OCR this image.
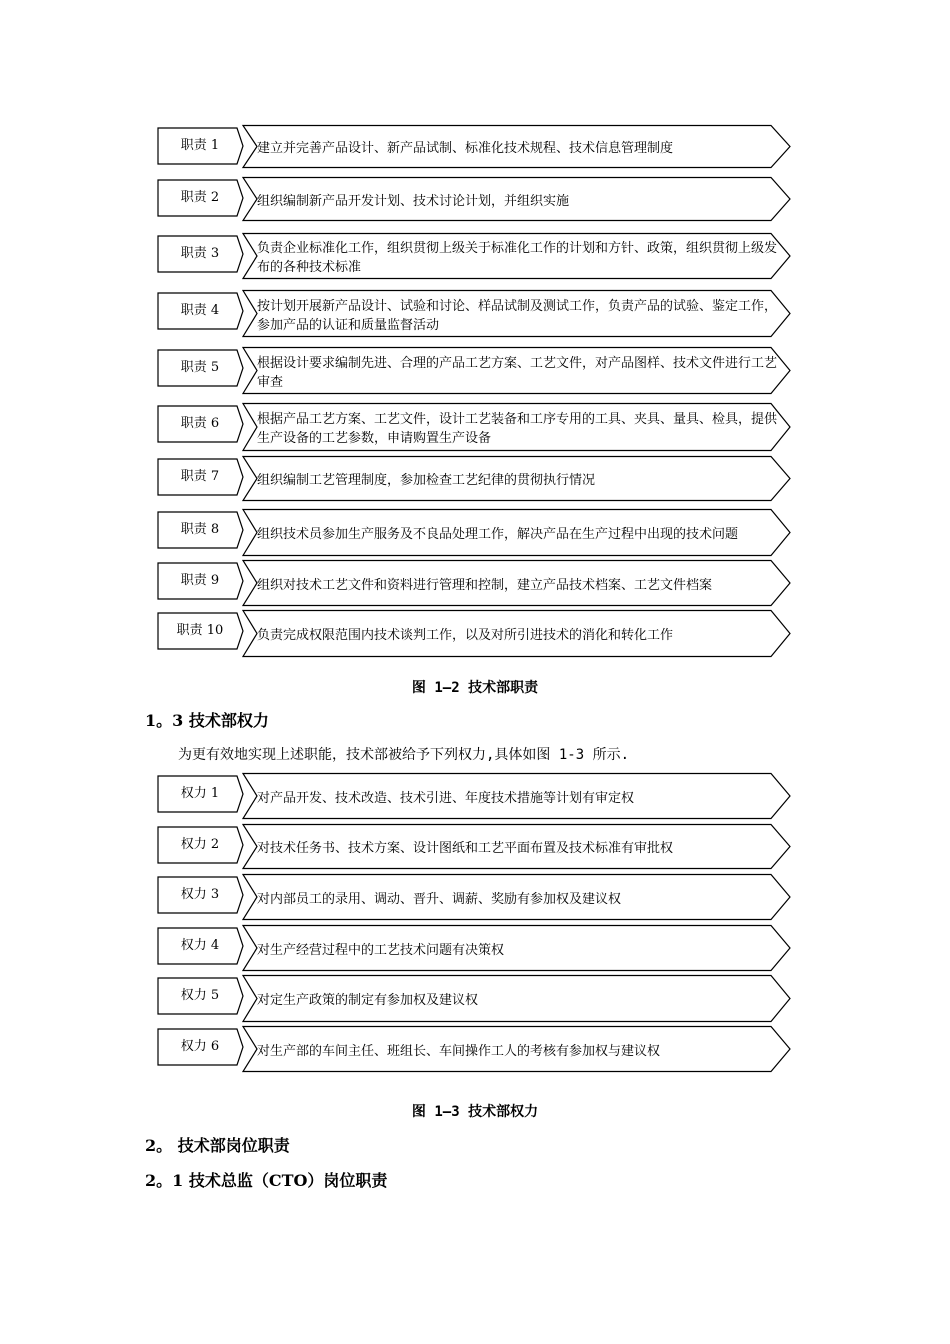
职责 1	建立并完善产品设计、新产品试制、标准化技术规程、技术信息管理制度
职责 2	组织编制新产品开发计划、技术讨论计划，并组织实施
职责 3	负责企业标准化工作，组织贯彻上级关于标准化工作的计划和方针、政策，组织贯彻上级发布的各种技术标准
职责 4	按计划开展新产品设计、试验和讨论、样品试制及测试工作，负责产品的试验、鉴定工作，参加产品的认证和质量监督活动
职责 5	根据设计要求编制先进、合理的产品工艺方案、工艺文件，对产品图样、技术文件进行工艺审查
职责 6	根据产品工艺方案、工艺文件，设计工艺装备和工序专用的工具、夹具、量具、检具，提供生产设备的工艺参数，申请购置生产设备
职责 7	组织编制工艺管理制度，参加检查工艺纪律的贯彻执行情况
职责 8	组织技术员参加生产服务及不良品处理工作，解决产品在生产过程中出现的技术问题
职责 9	组织对技术工艺文件和资料进行管理和控制，建立产品技术档案、工艺文件档案
职责 10	负责完成权限范围内技术谈判工作，以及对所引进技术的消化和转化工作
图 1—2 技术部职责
1。3 技术部权力
为更有效地实现上述职能，技术部被给予下列权力,具体如图 1-3 所示.
权力 1	对产品开发、技术改造、技术引进、年度技术措施等计划有审定权
权力 2	对技术任务书、技术方案、设计图纸和工艺平面布置及技术标准有审批权
权力 3	对内部员工的录用、调动、晋升、调薪、奖励有参加权及建议权
权力 4	对生产经营过程中的工艺技术问题有决策权
权力 5	对定生产政策的制定有参加权及建议权
权力 6	对生产部的车间主任、班组长、车间操作工人的考核有参加权与建议权
图 1—3 技术部权力
2。 技术部岗位职责
2。1 技术总监（CTO）岗位职责
